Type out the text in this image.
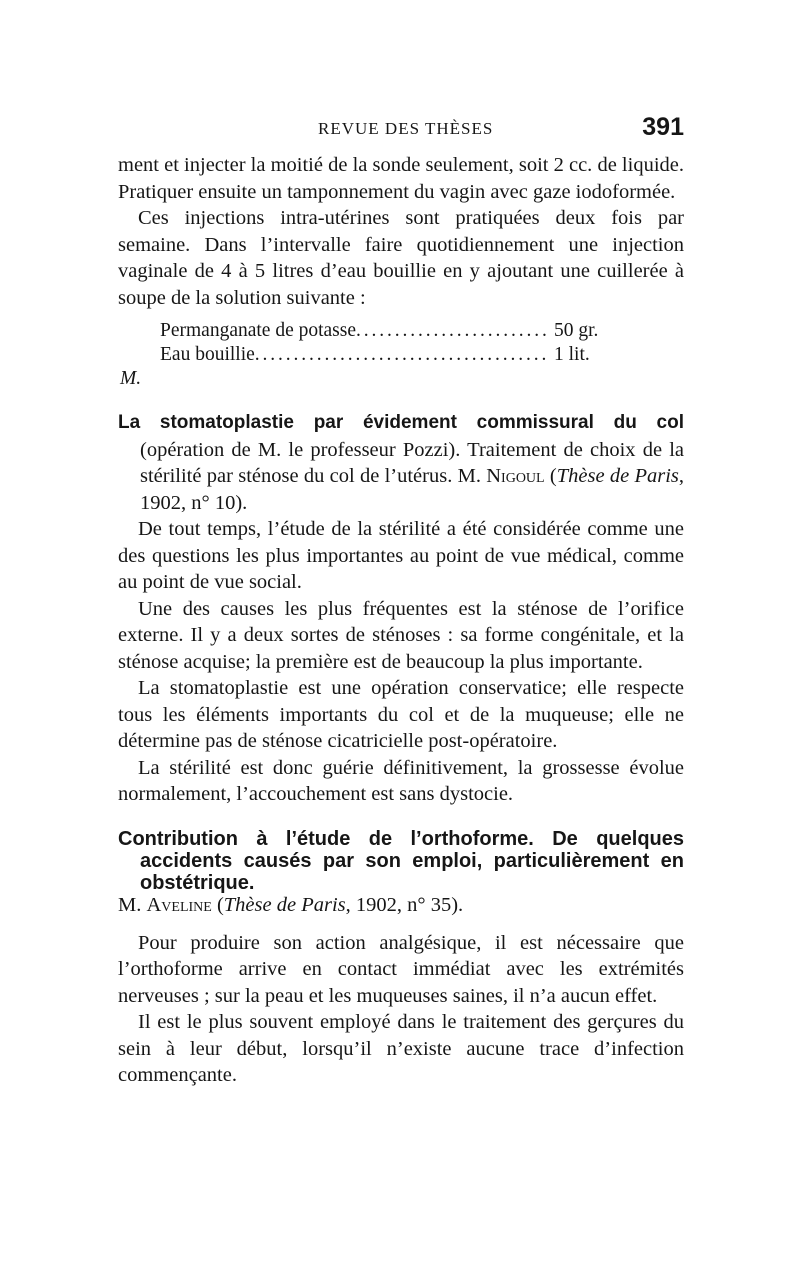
REVUE DES THÈSES	391

ment et injecter la moitié de la sonde seulement, soit 2 cc. de liquide. Pratiquer ensuite un tamponnement du vagin avec gaze iodoformée.

Ces injections intra-utérines sont pratiquées deux fois par semaine. Dans l’intervalle faire quotidiennement une injection vaginale de 4 à 5 litres d’eau bouillie en y ajoutant une cuillerée à soupe de la solution suivante :

Permanganate de potasse . . .	50 gr.
Eau bouillie . . .	1 lit.
M.

La stomatoplastie par évidement commissural du col (opération de M. le professeur Pozzi). Traitement de choix de la stérilité par sténose du col de l’utérus. M. Nigoul (Thèse de Paris, 1902, n° 10).

De tout temps, l’étude de la stérilité a été considérée comme une des questions les plus importantes au point de vue médical, comme au point de vue social.

Une des causes les plus fréquentes est la sténose de l’orifice externe. Il y a deux sortes de sténoses : sa forme congénitale, et la sténose acquise; la première est de beaucoup la plus importante.

La stomatoplastie est une opération conservatice; elle respecte tous les éléments importants du col et de la muqueuse; elle ne détermine pas de sténose cicatricielle post-opératoire.

La stérilité est donc guérie définitivement, la grossesse évolue normalement, l’accouchement est sans dystocie.

Contribution à l’étude de l’orthoforme. De quelques accidents causés par son emploi, particulièrement en obstétrique.
M. Aveline (Thèse de Paris, 1902, n° 35).

Pour produire son action analgésique, il est nécessaire que l’orthoforme arrive en contact immédiat avec les extrémités nerveuses ; sur la peau et les muqueuses saines, il n’a aucun effet.

Il est le plus souvent employé dans le traitement des gerçures du sein à leur début, lorsqu’il n’existe aucune trace d’infection commençante.
